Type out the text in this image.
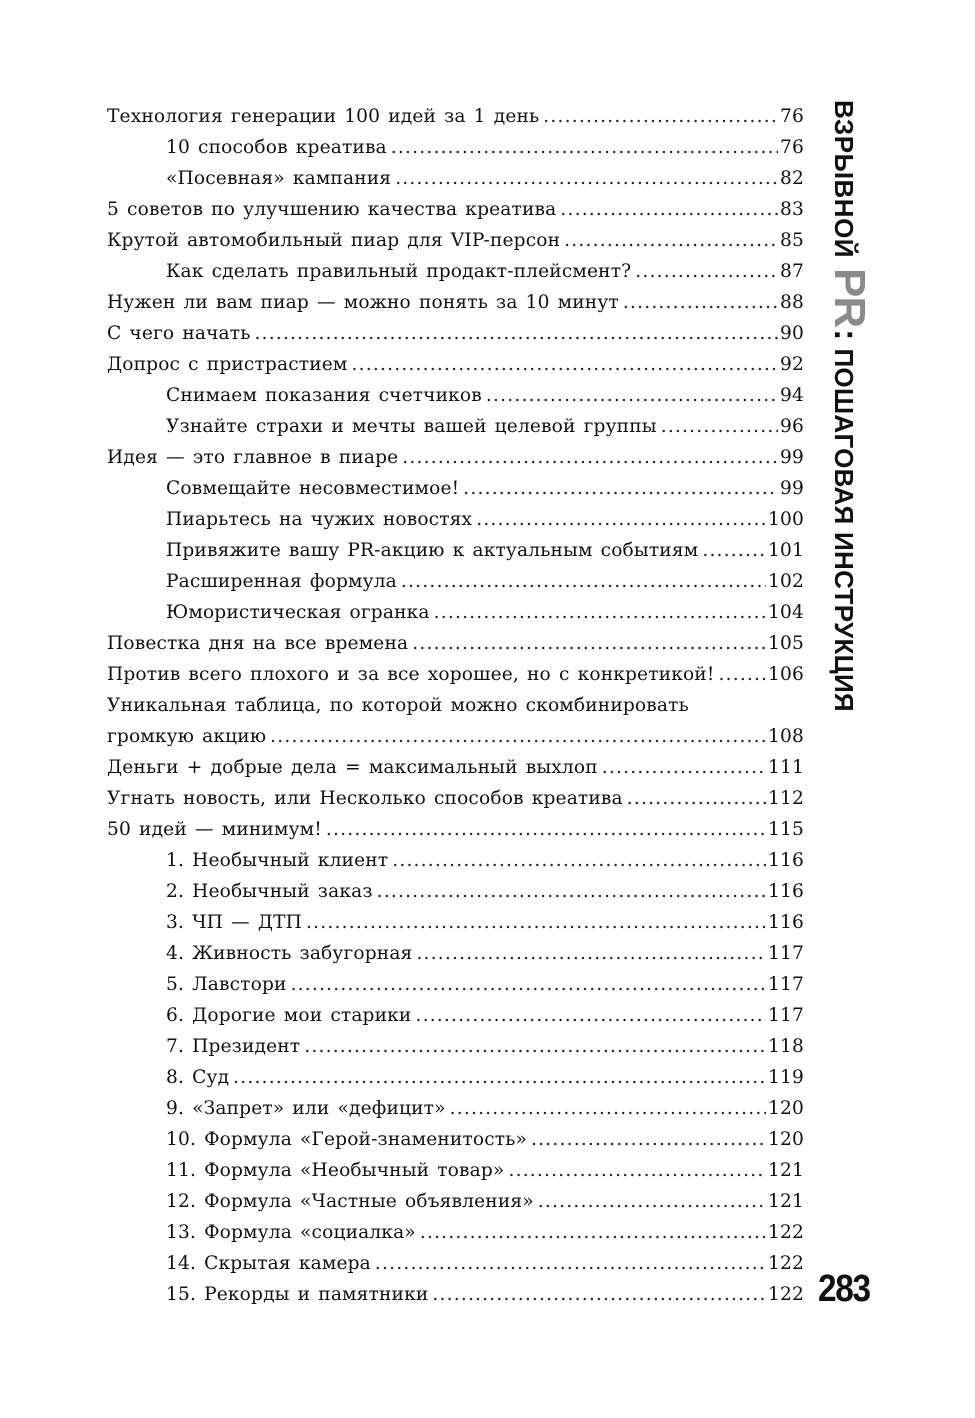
Технология генерации 100 идей за 1 день .....	76
10 способов креатива .....	76
«Посевная» кампания .....	82
5 советов по улучшению качества креатива .....	83
Крутой автомобильный пиар для VIP-персон .....	85
Как сделать правильный продакт-плейсмент? .....	87
Нужен ли вам пиар — можно понять за 10 минут .....	88
С чего начать .....	90
Допрос с пристрастием .....	92
Снимаем показания счетчиков .....	94
Узнайте страхи и мечты вашей целевой группы .....	96
Идея — это главное в пиаре .....	99
Совмещайте несовместимое! .....	99
Пиарьтесь на чужих новостях .....	100
Привяжите вашу PR-акцию к актуальным событиям .....	101
Расширенная формула .....	102
Юмористическая огранка .....	104
Повестка дня на все времена .....	105
Против всего плохого и за все хорошее, но с конкретикой! .....	106
Уникальная таблица, по которой можно скомбинировать
громкую акцию .....	108
Деньги + добрые дела = максимальный выхлоп .....	111
Угнать новость, или Несколько способов креатива .....	112
50 идей — минимум! .....	115
1. Необычный клиент .....	116
2. Необычный заказ .....	116
3. ЧП — ДТП .....	116
4. Живность забугорная .....	117
5. Лавстори .....	117
6. Дорогие мои старики .....	117
7. Президент .....	118
8. Суд .....	119
9. «Запрет» или «дефицит» .....	120
10. Формула «Герой-знаменитость» .....	120
11. Формула «Необычный товар» .....	121
12. Формула «Частные объявления» .....	121
13. Формула «социалка» .....	122
14. Скрытая камера .....	122
15. Рекорды и памятники .....	122
ВЗРЫВНОЙPR:ПОШАГОВАЯ ИНСТРУКЦИЯ
283
